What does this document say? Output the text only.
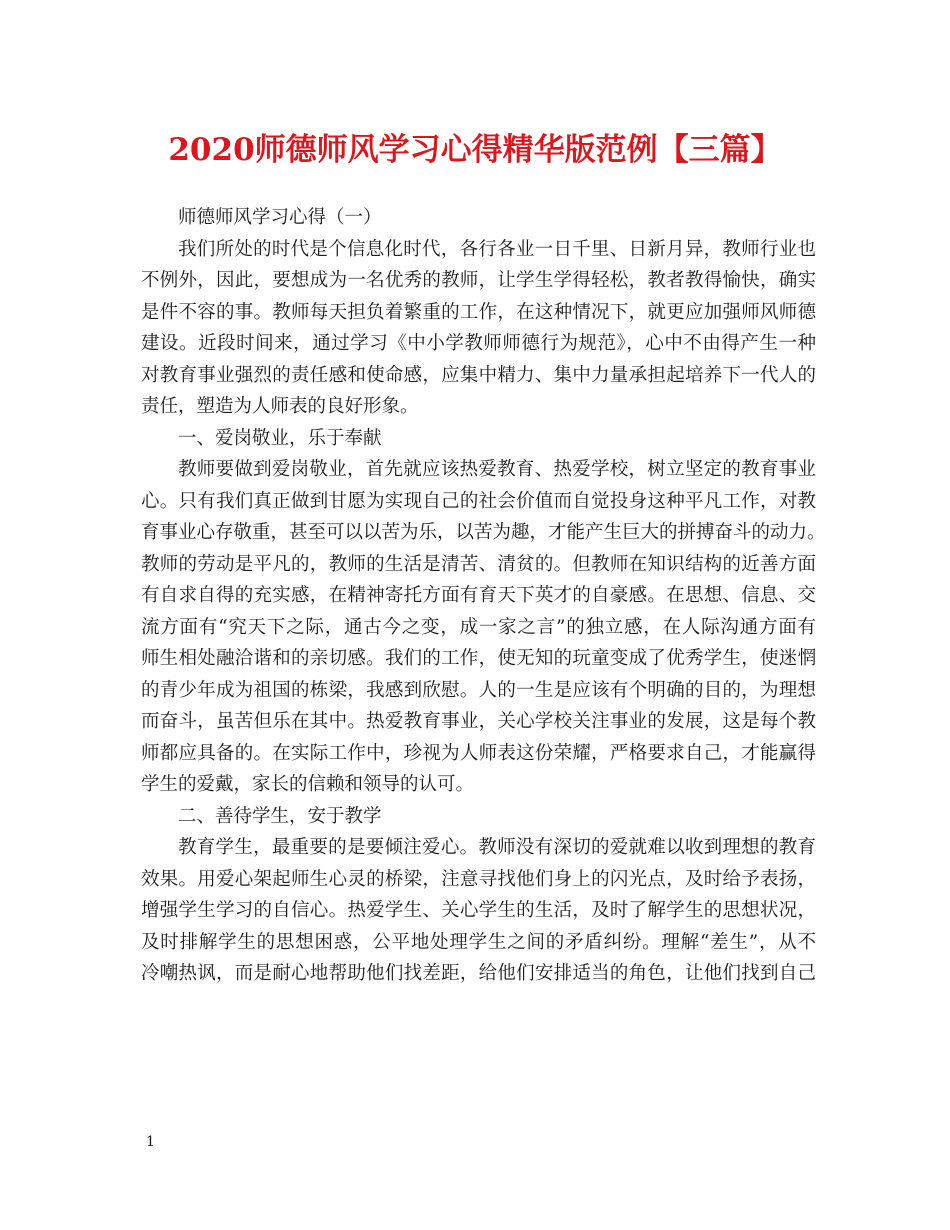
2020师德师风学习心得精华版范例【三篇】
师德师风学习心得（一）
我们所处的时代是个信息化时代，各行各业一日千里、日新月异，教师行业也
不例外，因此，要想成为一名优秀的教师，让学生学得轻松，教者教得愉快，确实
是件不容的事。教师每天担负着繁重的工作，在这种情况下，就更应加强师风师德
建设。近段时间来，通过学习《中小学教师师德行为规范》，心中不由得产生一种
对教育事业强烈的责任感和使命感，应集中精力、集中力量承担起培养下一代人的
责任，塑造为人师表的良好形象。
一、爱岗敬业，乐于奉献
教师要做到爱岗敬业，首先就应该热爱教育、热爱学校，树立坚定的教育事业
心。只有我们真正做到甘愿为实现自己的社会价值而自觉投身这种平凡工作，对教
育事业心存敬重，甚至可以以苦为乐，以苦为趣，才能产生巨大的拼搏奋斗的动力。
教师的劳动是平凡的，教师的生活是清苦、清贫的。但教师在知识结构的近善方面
有自求自得的充实感，在精神寄托方面有育天下英才的自豪感。在思想、信息、交
流方面有“究天下之际，通古今之变，成一家之言”的独立感，在人际沟通方面有
师生相处融洽谐和的亲切感。我们的工作，使无知的玩童变成了优秀学生，使迷惘
的青少年成为祖国的栋梁，我感到欣慰。人的一生是应该有个明确的目的，为理想
而奋斗，虽苦但乐在其中。热爱教育事业，关心学校关注事业的发展，这是每个教
师都应具备的。在实际工作中，珍视为人师表这份荣耀，严格要求自己，才能赢得
学生的爱戴，家长的信赖和领导的认可。
二、善待学生，安于教学
教育学生，最重要的是要倾注爱心。教师没有深切的爱就难以收到理想的教育
效果。用爱心架起师生心灵的桥梁，注意寻找他们身上的闪光点，及时给予表扬，
增强学生学习的自信心。热爱学生、关心学生的生活，及时了解学生的思想状况，
及时排解学生的思想困惑，公平地处理学生之间的矛盾纠纷。理解“差生”，从不
冷嘲热讽，而是耐心地帮助他们找差距，给他们安排适当的角色，让他们找到自己
1
